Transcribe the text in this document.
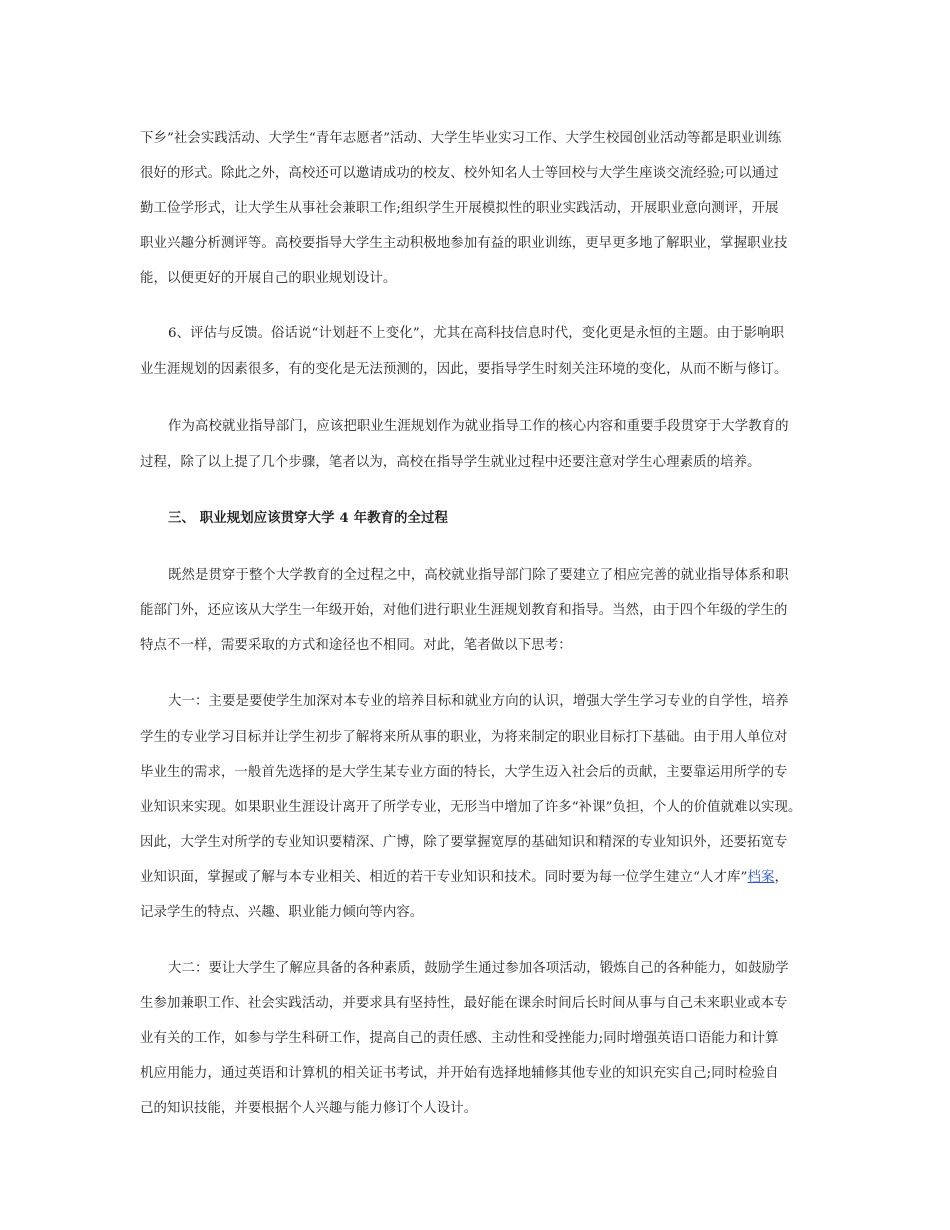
下乡”社会实践活动、大学生“青年志愿者”活动、大学生毕业实习工作、大学生校园创业活动等都是职业训练
很好的形式。除此之外，高校还可以邀请成功的校友、校外知名人士等回校与大学生座谈交流经验;可以通过
勤工俭学形式，让大学生从事社会兼职工作;组织学生开展模拟性的职业实践活动，开展职业意向测评，开展
职业兴趣分析测评等。高校要指导大学生主动积极地参加有益的职业训练，更早更多地了解职业，掌握职业技
能，以便更好的开展自己的职业规划设计。
6、评估与反馈。俗话说“计划赶不上变化”，尤其在高科技信息时代，变化更是永恒的主题。由于影响职
业生涯规划的因素很多，有的变化是无法预测的，因此，要指导学生时刻关注环境的变化，从而不断与修订。
作为高校就业指导部门，应该把职业生涯规划作为就业指导工作的核心内容和重要手段贯穿于大学教育的
过程，除了以上提了几个步骤，笔者以为，高校在指导学生就业过程中还要注意对学生心理素质的培养。
三、 职业规划应该贯穿大学 4 年教育的全过程
既然是贯穿于整个大学教育的全过程之中，高校就业指导部门除了要建立了相应完善的就业指导体系和职
能部门外，还应该从大学生一年级开始，对他们进行职业生涯规划教育和指导。当然，由于四个年级的学生的
特点不一样，需要采取的方式和途径也不相同。对此，笔者做以下思考：
大一：主要是要使学生加深对本专业的培养目标和就业方向的认识，增强大学生学习专业的自学性，培养
学生的专业学习目标并让学生初步了解将来所从事的职业，为将来制定的职业目标打下基础。由于用人单位对
毕业生的需求，一般首先选择的是大学生某专业方面的特长，大学生迈入社会后的贡献，主要靠运用所学的专
业知识来实现。如果职业生涯设计离开了所学专业，无形当中增加了许多“补课”负担，个人的价值就难以实现。
因此，大学生对所学的专业知识要精深、广博，除了要掌握宽厚的基础知识和精深的专业知识外，还要拓宽专
业知识面，掌握或了解与本专业相关、相近的若干专业知识和技术。同时要为每一位学生建立“人才库”档案，
记录学生的特点、兴趣、职业能力倾向等内容。
大二：要让大学生了解应具备的各种素质，鼓励学生通过参加各项活动，锻炼自己的各种能力，如鼓励学
生参加兼职工作、社会实践活动，并要求具有坚持性，最好能在课余时间后长时间从事与自己未来职业或本专
业有关的工作，如参与学生科研工作，提高自己的责任感、主动性和受挫能力;同时增强英语口语能力和计算
机应用能力，通过英语和计算机的相关证书考试，并开始有选择地辅修其他专业的知识充实自己;同时检验自
己的知识技能，并要根据个人兴趣与能力修订个人设计。
